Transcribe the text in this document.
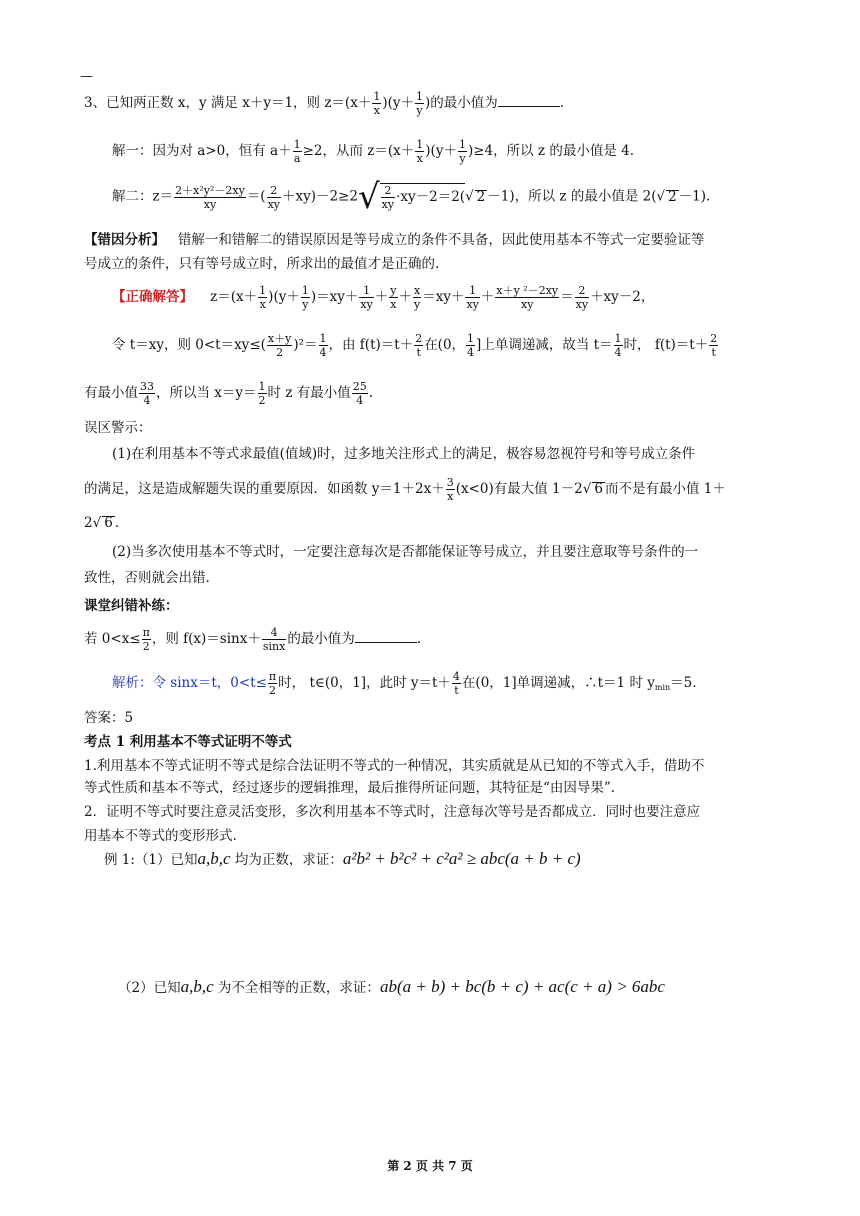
—
3、已知两正数 x，y 满足 x＋y＝1，则 $z=(x+ \frac{1}{x} )(y+ \frac{1}{y}$ )的最小值为	.
解一：因为对 a>0，恒有 $a+ \frac{1}{a} \ge 2$，从而 $z=(x+ \frac{1}{x} )(y+ \frac{1}{y} )\ge 4$，所以 z 的最小值是 4.
解二：$z= \frac{\text{2＋x²y²－2xy}}{xy}$ ＝( $\frac{2}{xy} +xy)-2\ge 2√ \frac{2}{xy} \cdot xy-2=2(√$ 2 －1)，所以 z 的最小值是 2(√ 2 －1).
【错因分析】 错解一和错解二的错误原因是等号成立的条件不具备，因此使用基本不等式一定要验证等
号成立的条件，只有等号成立时，所求出的最值才是正确的.
【正确解答】 $z=(x+ \frac{1}{x} )(y+ \frac{1}{y} )=xy+ \frac{1}{xy} + \frac{y}{x} + \frac{x}{y} =xy+ \frac{1}{xy} + \frac{\text{x＋y ²－2xy}}{xy} = \frac{2}{xy} +xy-2$，
令 t＝xy，则 $0<t=xy\le( \frac{x+y}{2} )^2= \frac{1}{4}$ ，由 $f(t)=t+ \frac{2}{t}$ 在(0， $\frac{1}{4}$ ]上单调递减，故当 $t= \frac{1}{4}$ 时， $f(t)=t+ \frac{2}{t}$
有最小值 $\frac{33}{4}$ ，所以当 $x=y= \frac{1}{2}$ 时 z 有最小值 $\frac{25}{4}$ .
误区警示：
(1)在利用基本不等式求最值(值域)时，过多地关注形式上的满足，极容易忽视符号和等号成立条件
的满足，这是造成解题失误的重要原因．如函数 $y=1+2x+ \frac{3}{x} (x<0)$有最大值 1－2√ 6 而不是有最小值 1＋
2√ 6 .
(2)当多次使用基本不等式时，一定要注意每次是否都能保证等号成立，并且要注意取等号条件的一
致性，否则就会出错.
课堂纠错补练：
若 $0<x\le \frac{\pi}{2}$ ，则 $f(x)=\sin x+ \frac{4}{\sin x}$ 的最小值为	.
解析：令 sinx＝t，$0<t\le \frac{\pi}{2}$ 时， t∈(0，1]，此时 $y=t+ \frac{4}{t}$ 在(0，1]单调递减，∴t＝1 时 $y_{min}=5$.
答案：5
考点 1 利用基本不等式证明不等式
1.利用基本不等式证明不等式是综合法证明不等式的一种情况，其实质就是从已知的不等式入手，借助不
等式性质和基本不等式，经过逐步的逻辑推理，最后推得所证问题，其特征是“由因导果”.
2．证明不等式时要注意灵活变形，多次利用基本不等式时，注意每次等号是否都成立．同时也要注意应
用基本不等式的变形形式.
例 1:（1）已知a,b,c 均为正数，求证：a²b² + b²c² + c²a² ≥ abc(a + b + c)
（2）已知a,b,c 为不全相等的正数，求证：ab(a + b) + bc(b + c) + ac(c + a) > 6abc
第 2 页 共 7 页
